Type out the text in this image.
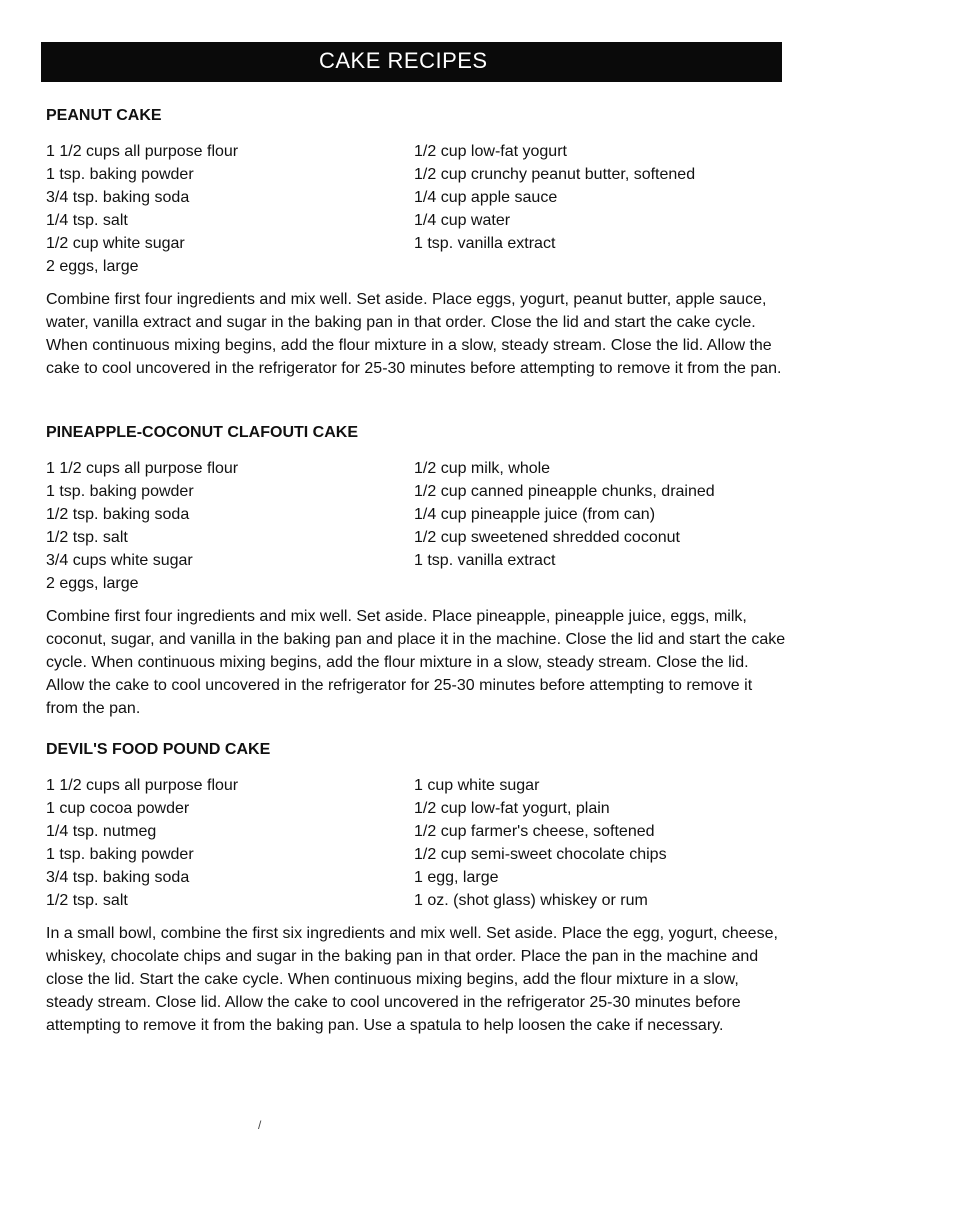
CAKE RECIPES
PEANUT CAKE
1 1/2 cups all purpose flour
1 tsp. baking powder
3/4 tsp. baking soda
1/4 tsp. salt
1/2 cup white sugar
2 eggs, large
1/2 cup low-fat yogurt
1/2 cup crunchy peanut butter, softened
1/4 cup apple sauce
1/4 cup water
1 tsp. vanilla extract

Combine first four ingredients and mix well. Set aside. Place eggs, yogurt, peanut butter, apple sauce, water, vanilla extract and sugar in the baking pan in that order. Close the lid and start the cake cycle. When continuous mixing begins, add the flour mixture in a slow, steady stream. Close the lid. Allow the cake to cool uncovered in the refrigerator for 25-30 minutes before attempting to remove it from the pan.

PINEAPPLE-COCONUT CLAFOUTI CAKE
1 1/2 cups all purpose flour
1 tsp. baking powder
1/2 tsp. baking soda
1/2 tsp. salt
3/4 cups white sugar
2 eggs, large
1/2 cup milk, whole
1/2 cup canned pineapple chunks, drained
1/4 cup pineapple juice (from can)
1/2 cup sweetened shredded coconut
1 tsp. vanilla extract

Combine first four ingredients and mix well. Set aside. Place pineapple, pineapple juice, eggs, milk, coconut, sugar, and vanilla in the baking pan and place it in the machine. Close the lid and start the cake cycle. When continuous mixing begins, add the flour mixture in a slow, steady stream. Close the lid. Allow the cake to cool uncovered in the refrigerator for 25-30 minutes before attempting to remove it from the pan.

DEVIL'S FOOD POUND CAKE
1 1/2 cups all purpose flour
1 cup cocoa powder
1/4 tsp. nutmeg
1 tsp. baking powder
3/4 tsp. baking soda
1/2 tsp. salt
1 cup white sugar
1/2 cup low-fat yogurt, plain
1/2 cup farmer's cheese, softened
1/2 cup semi-sweet chocolate chips
1 egg, large
1 oz. (shot glass) whiskey or rum

In a small bowl, combine the first six ingredients and mix well. Set aside. Place the egg, yogurt, cheese, whiskey, chocolate chips and sugar in the baking pan in that order. Place the pan in the machine and close the lid. Start the cake cycle. When continuous mixing begins, add the flour mixture in a slow, steady stream. Close lid. Allow the cake to cool uncovered in the refrigerator 25-30 minutes before attempting to remove it from the baking pan. Use a spatula to help loosen the cake if necessary.

/
